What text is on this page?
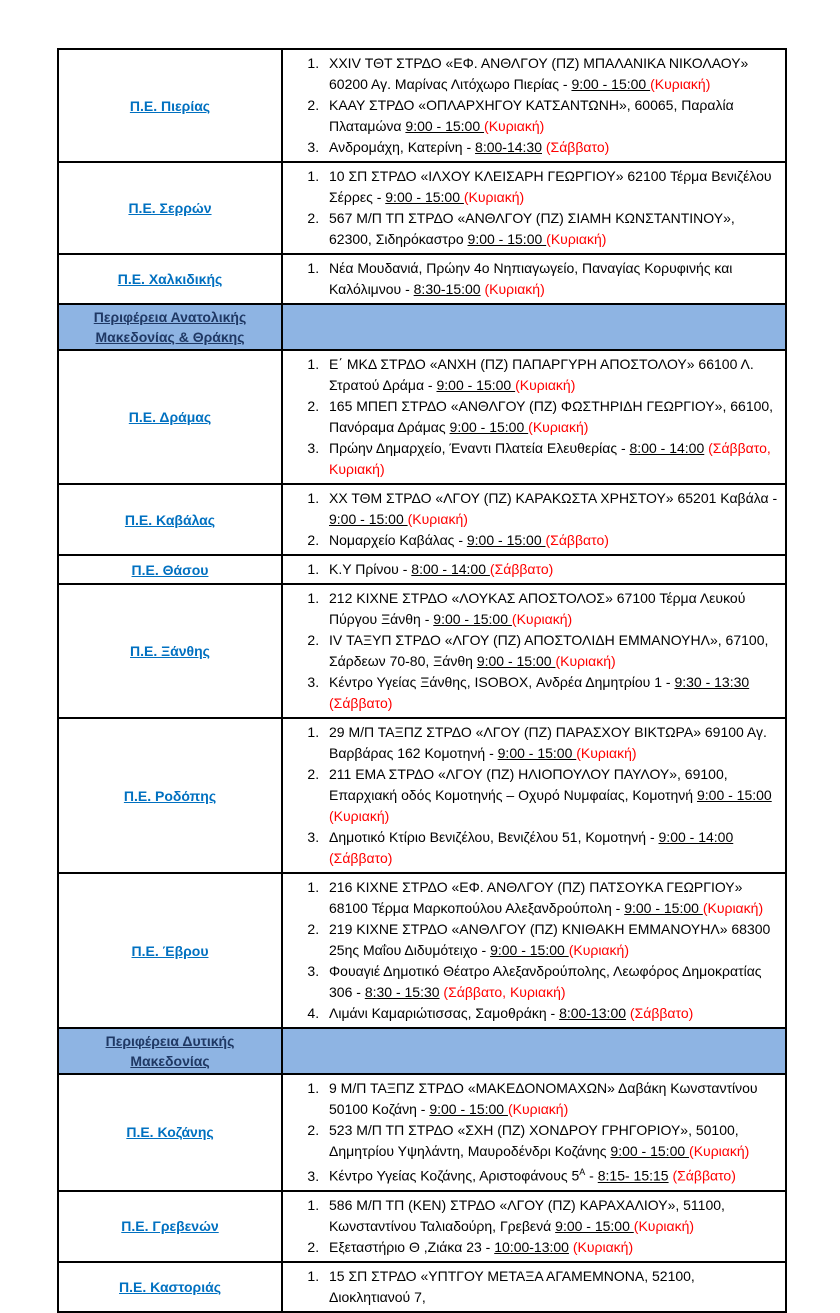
Π.Ε. Πιερίας	
1. XXIV ΤΘΤ ΣΤΡΔΟ «ΕΦ. ΑΝΘΛΓΟΥ (ΠΖ) ΜΠΑΛΑΝΙΚΑ ΝΙΚΟΛΑΟΥ» 60200 Αγ. Μαρίνας Λιτόχωρο Πιερίας - 9:00 - 15:00 (Κυριακή)
2. ΚΑΑΥ ΣΤΡΔΟ «ΟΠΛΑΡΧΗΓΟΥ ΚΑΤΣΑΝΤΩΝΗ», 60065, Παραλία Πλαταμώνα 9:00 - 15:00 (Κυριακή)
3. Ανδρομάχη, Κατερίνη - 8:00-14:30 (Σάββατο)

Π.Ε. Σερρών	
1. 10 ΣΠ ΣΤΡΔΟ «ΙΛΧΟΥ ΚΛΕΙΣΑΡΗ ΓΕΩΡΓΙΟΥ» 62100 Τέρμα Βενιζέλου Σέρρες - 9:00 - 15:00 (Κυριακή)
2. 567 Μ/Π ΤΠ ΣΤΡΔΟ «ΑΝΘΛΓΟΥ (ΠΖ) ΣΙΑΜΗ ΚΩΝΣΤΑΝΤΙΝΟΥ», 62300, Σιδηρόκαστρο 9:00 - 15:00 (Κυριακή)

Π.Ε. Χαλκιδικής	
1. Νέα Μουδανιά, Πρώην 4ο Νηπιαγωγείο, Παναγίας Κορυφινής και Καλόλιμνου - 8:30-15:00 (Κυριακή)

Περιφέρεια Ανατολικής Μακεδονίας & Θράκης	
Π.Ε. Δράμας	
1. Ε΄ ΜΚΔ ΣΤΡΔΟ «ΑΝΧΗ (ΠΖ) ΠΑΠΑΡΓΥΡΗ ΑΠΟΣΤΟΛΟΥ» 66100 Λ. Στρατού Δράμα - 9:00 - 15:00 (Κυριακή)
2. 165 ΜΠΕΠ ΣΤΡΔΟ «ΑΝΘΛΓΟΥ (ΠΖ) ΦΩΣΤΗΡΙΔΗ ΓΕΩΡΓΙΟΥ», 66100, Πανόραμα Δράμας 9:00 - 15:00 (Κυριακή)
3. Πρώην Δημαρχείο, Έναντι Πλατεία Ελευθερίας - 8:00 - 14:00 (Σάββατο, Κυριακή)

Π.Ε. Καβάλας	
1. ΧΧ ΤΘΜ ΣΤΡΔΟ «ΛΓΟΥ (ΠΖ) ΚΑΡΑΚΩΣΤΑ ΧΡΗΣΤΟΥ» 65201 Καβάλα - 9:00 - 15:00 (Κυριακή)
2. Νομαρχείο Καβάλας - 9:00 - 15:00 (Σάββατο)

Π.Ε. Θάσου	
1.Κ.Υ Πρίνου - 8:00 - 14:00 (Σάββατο)

Π.Ε. Ξάνθης	
1. 212 ΚΙΧΝΕ ΣΤΡΔΟ «ΛΟΥΚΑΣ ΑΠΟΣΤΟΛΟΣ» 67100 Τέρμα Λευκού Πύργου Ξάνθη - 9:00 - 15:00 (Κυριακή)
2. IV ΤΑΞΥΠ ΣΤΡΔΟ «ΛΓΟΥ (ΠΖ) ΑΠΟΣΤΟΛΙΔΗ ΕΜΜΑΝΟΥΗΛ», 67100, Σάρδεων 70-80, Ξάνθη 9:00 - 15:00 (Κυριακή)
3. Κέντρο Υγείας Ξάνθης, ISOBOX, Ανδρέα Δημητρίου 1 - 9:30 - 13:30 (Σάββατο)

Π.Ε. Ροδόπης	
1. 29 Μ/Π ΤΑΞΠΖ ΣΤΡΔΟ «ΛΓΟΥ (ΠΖ) ΠΑΡΑΣΧΟΥ ΒΙΚΤΩΡΑ» 69100 Αγ. Βαρβάρας 162 Κομοτηνή - 9:00 - 15:00 (Κυριακή)
2. 211 ΕΜΑ ΣΤΡΔΟ «ΛΓΟΥ (ΠΖ) ΗΛΙΟΠΟΥΛΟΥ ΠΑΥΛΟΥ», 69100, Επαρχιακή οδός Κομοτηνής – Οχυρό Νυμφαίας, Κομοτηνή 9:00 - 15:00 (Κυριακή)
3. Δημοτικό Κτίριο Βενιζέλου, Βενιζέλου 51, Κομοτηνή - 9:00 - 14:00 (Σάββατο)

Π.Ε. Έβρου	
1. 216 ΚΙΧΝΕ ΣΤΡΔΟ «ΕΦ. ΑΝΘΛΓΟΥ (ΠΖ) ΠΑΤΣΟΥΚΑ ΓΕΩΡΓΙΟΥ» 68100 Τέρμα Μαρκοπούλου Αλεξανδρούπολη - 9:00 - 15:00 (Κυριακή)
2. 219 ΚΙΧΝΕ ΣΤΡΔΟ «ΑΝΘΛΓΟΥ (ΠΖ) ΚΝΙΘΑΚΗ ΕΜΜΑΝΟΥΗΛ» 68300 25ης Μαΐου Διδυμότειχο - 9:00 - 15:00 (Κυριακή)
3. Φουαγιέ Δημοτικό Θέατρο Αλεξανδρούπολης, Λεωφόρος Δημοκρατίας 306 - 8:30 - 15:30 (Σάββατο, Κυριακή)
4. Λιμάνι Καμαριώτισσας, Σαμοθράκη - 8:00-13:00 (Σάββατο)

Περιφέρεια Δυτικής Μακεδονίας	
Π.Ε. Κοζάνης	
1. 9 Μ/Π ΤΑΞΠΖ ΣΤΡΔΟ «ΜΑΚΕΔΟΝΟΜΑΧΩΝ» Δαβάκη Κωνσταντίνου 50100 Κοζάνη - 9:00 - 15:00 (Κυριακή)
2. 523 Μ/Π ΤΠ ΣΤΡΔΟ «ΣΧΗ (ΠΖ) ΧΟΝΔΡΟΥ ΓΡΗΓΟΡΙΟΥ», 50100, Δημητρίου Υψηλάντη, Μαυροδένδρι Κοζάνης 9:00 - 15:00 (Κυριακή)
3. Κέντρο Υγείας Κοζάνης, Αριστοφάνους $5^A$ - 8:15- 15:15 (Σάββατο)

Π.Ε. Γρεβενών	
1. 586 Μ/Π ΤΠ (ΚΕΝ) ΣΤΡΔΟ «ΛΓΟΥ (ΠΖ) ΚΑΡΑΧΑΛΙΟΥ», 51100, Κωνσταντίνου Ταλιαδούρη, Γρεβενά 9:00 - 15:00 (Κυριακή)
2. Εξεταστήριο Θ ,Ζιάκα 23 - 10:00-13:00 (Κυριακή)

Π.Ε. Καστοριάς	
1. 15 ΣΠ ΣΤΡΔΟ «ΥΠΤΓΟΥ ΜΕΤΑΞΑ ΑΓΑΜΕΜΝΟΝΑ, 52100, Διοκλητιανού 7,
